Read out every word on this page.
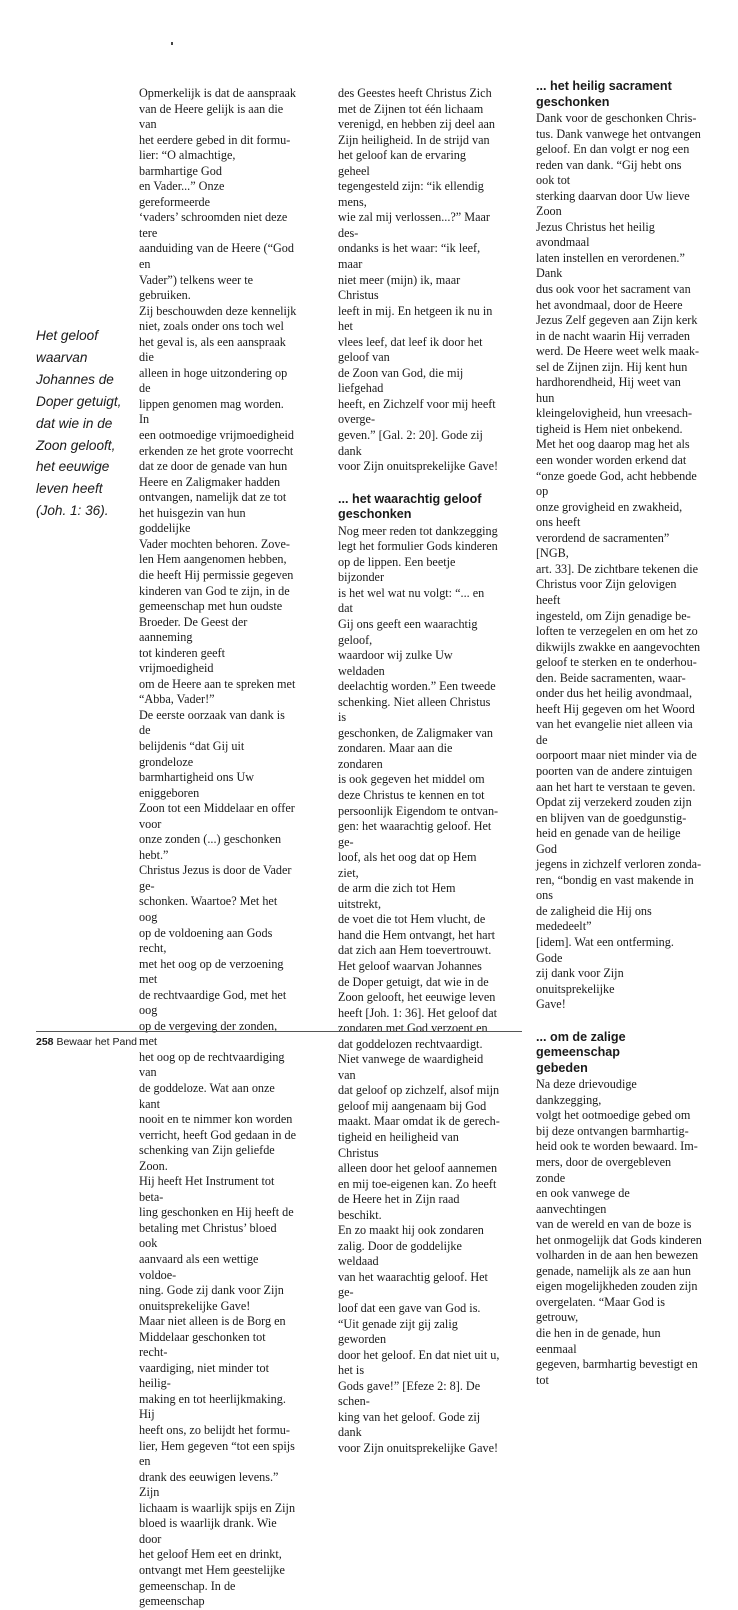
Het geloof

waarvan

Johannes de

Doper getuigt,

dat wie in de

Zoon gelooft,

het eeuwige

leven heeft

(Joh. 1: 36).

Opmerkelijk is dat de aanspraak

van de Heere gelijk is aan die van

het eerdere gebed in dit formu-

lier: “O almachtige, barmhartige God

en Vader...” Onze gereformeerde

‘vaders’ schroomden niet deze tere

aanduiding van de Heere (“God en

Vader”) telkens weer te gebruiken.

Zij beschouwden deze kennelijk

niet, zoals onder ons toch wel

het geval is, als een aanspraak die

alleen in hoge uitzondering op de

lippen genomen mag worden. In

een ootmoedige vrijmoedigheid

erkenden ze het grote voorrecht

dat ze door de genade van hun

Heere en Zaligmaker hadden

ontvangen, namelijk dat ze tot

het huisgezin van hun goddelijke

Vader mochten behoren. Zove-

len Hem aangenomen hebben,

die heeft Hij permissie gegeven

kinderen van God te zijn, in de

gemeenschap met hun oudste

Broeder. De Geest der aanneming

tot kinderen geeft vrijmoedigheid

om de Heere aan te spreken met

“Abba, Vader!”

De eerste oorzaak van dank is de

belijdenis “dat Gij uit grondeloze

barmhartigheid ons Uw eniggeboren

Zoon tot een Middelaar en offer voor

onze zonden (...) geschonken hebt.”

Christus Jezus is door de Vader ge-

schonken. Waartoe? Met het oog

op de voldoening aan Gods recht,

met het oog op de verzoening met

de rechtvaardige God, met het oog

op de vergeving der zonden, met

het oog op de rechtvaardiging van

de goddeloze. Wat aan onze kant

nooit en te nimmer kon worden

verricht, heeft God gedaan in de

schenking van Zijn geliefde Zoon.

Hij heeft Het Instrument tot beta-

ling geschonken en Hij heeft de

betaling met Christus’ bloed ook

aanvaard als een wettige voldoe-

ning. Gode zij dank voor Zijn

onuitsprekelijke Gave!

Maar niet alleen is de Borg en

Middelaar geschonken tot recht-

vaardiging, niet minder tot heilig-

making en tot heerlijkmaking. Hij

heeft ons, zo belijdt het formu-

lier, Hem gegeven “tot een spijs en

drank des eeuwigen levens.” Zijn

lichaam is waarlijk spijs en Zijn

bloed is waarlijk drank. Wie door

het geloof Hem eet en drinkt,

ontvangt met Hem geestelijke

gemeenschap. In de gemeenschap

des Geestes heeft Christus Zich

met de Zijnen tot één lichaam

verenigd, en hebben zij deel aan

Zijn heiligheid. In de strijd van

het geloof kan de ervaring geheel

tegengesteld zijn: “ik ellendig mens,

wie zal mij verlossen...?” Maar des-

ondanks is het waar: “ik leef, maar

niet meer (mijn) ik, maar Christus

leeft in mij. En hetgeen ik nu in het

vlees leef, dat leef ik door het geloof van

de Zoon van God, die mij liefgehad

heeft, en Zichzelf voor mij heeft overge-

geven.” [Gal. 2: 20]. Gode zij dank

voor Zijn onuitsprekelijke Gave!

... het waarachtig geloof

geschonken

Nog meer reden tot dankzegging

legt het formulier Gods kinderen

op de lippen. Een beetje bijzonder

is het wel wat nu volgt: “... en dat

Gij ons geeft een waarachtig geloof,

waardoor wij zulke Uw weldaden

deelachtig worden.” Een tweede

schenking. Niet alleen Christus is

geschonken, de Zaligmaker van

zondaren. Maar aan die zondaren

is ook gegeven het middel om

deze Christus te kennen en tot

persoonlijk Eigendom te ontvan-

gen: het waarachtig geloof. Het ge-

loof, als het oog dat op Hem ziet,

de arm die zich tot Hem uitstrekt,

de voet die tot Hem vlucht, de

hand die Hem ontvangt, het hart

dat zich aan Hem toevertrouwt.

Het geloof waarvan Johannes

de Doper getuigt, dat wie in de

Zoon gelooft, het eeuwige leven

heeft [Joh. 1: 36]. Het geloof dat

zondaren met God verzoent en

dat goddelozen rechtvaardigt.

Niet vanwege de waardigheid van

dat geloof op zichzelf, alsof mijn

geloof mij aangenaam bij God

maakt. Maar omdat ik de gerech-

tigheid en heiligheid van Christus

alleen door het geloof aannemen

en mij toe-eigenen kan. Zo heeft

de Heere het in Zijn raad beschikt.

En zo maakt hij ook zondaren

zalig. Door de goddelijke weldaad

van het waarachtig geloof. Het ge-

loof dat een gave van God is.

“Uit genade zijt gij zalig geworden

door het geloof. En dat niet uit u, het is

Gods gave!” [Efeze 2: 8]. De schen-

king van het geloof. Gode zij dank

voor Zijn onuitsprekelijke Gave!

... het heilig sacrament

geschonken

Dank voor de geschonken Chris-

tus. Dank vanwege het ontvangen

geloof. En dan volgt er nog een

reden van dank. “Gij hebt ons ook tot

sterking daarvan door Uw lieve Zoon

Jezus Christus het heilig avondmaal

laten instellen en verordenen.” Dank

dus ook voor het sacrament van

het avondmaal, door de Heere

Jezus Zelf gegeven aan Zijn kerk

in de nacht waarin Hij verraden

werd. De Heere weet welk maak-

sel de Zijnen zijn. Hij kent hun

hardhorendheid, Hij weet van hun

kleingelovigheid, hun vreesach-

tigheid is Hem niet onbekend.

Met het oog daarop mag het als

een wonder worden erkend dat

“onze goede God, acht hebbende op

onze grovigheid en zwakheid, ons heeft

verordend de sacramenten” [NGB,

art. 33]. De zichtbare tekenen die

Christus voor Zijn gelovigen heeft

ingesteld, om Zijn genadige be-

loften te verzegelen en om het zo

dikwijls zwakke en aangevochten

geloof te sterken en te onderhou-

den. Beide sacramenten, waar-

onder dus het heilig avondmaal,

heeft Hij gegeven om het Woord

van het evangelie niet alleen via de

oorpoort maar niet minder via de

poorten van de andere zintuigen

aan het hart te verstaan te geven.

Opdat zij verzekerd zouden zijn

en blijven van de goedgunstig-

heid en genade van de heilige God

jegens in zichzelf verloren zonda-

ren, “bondig en vast makende in ons

de zaligheid die Hij ons mededeelt”

[idem]. Wat een ontferming. Gode

zij dank voor Zijn onuitsprekelijke

Gave!

... om de zalige gemeenschap

gebeden

Na deze drievoudige dankzegging,

volgt het ootmoedige gebed om

bij deze ontvangen barmhartig-

heid ook te worden bewaard. Im-

mers, door de overgebleven zonde

en ook vanwege de aanvechtingen

van de wereld en van de boze is

het onmogelijk dat Gods kinderen

volharden in de aan hen bewezen

genade, namelijk als ze aan hun

eigen mogelijkheden zouden zijn

overgelaten. “Maar God is getrouw,

die hen in de genade, hun eenmaal

gegeven, barmhartig bevestigt en tot

258 Bewaar het Pand
